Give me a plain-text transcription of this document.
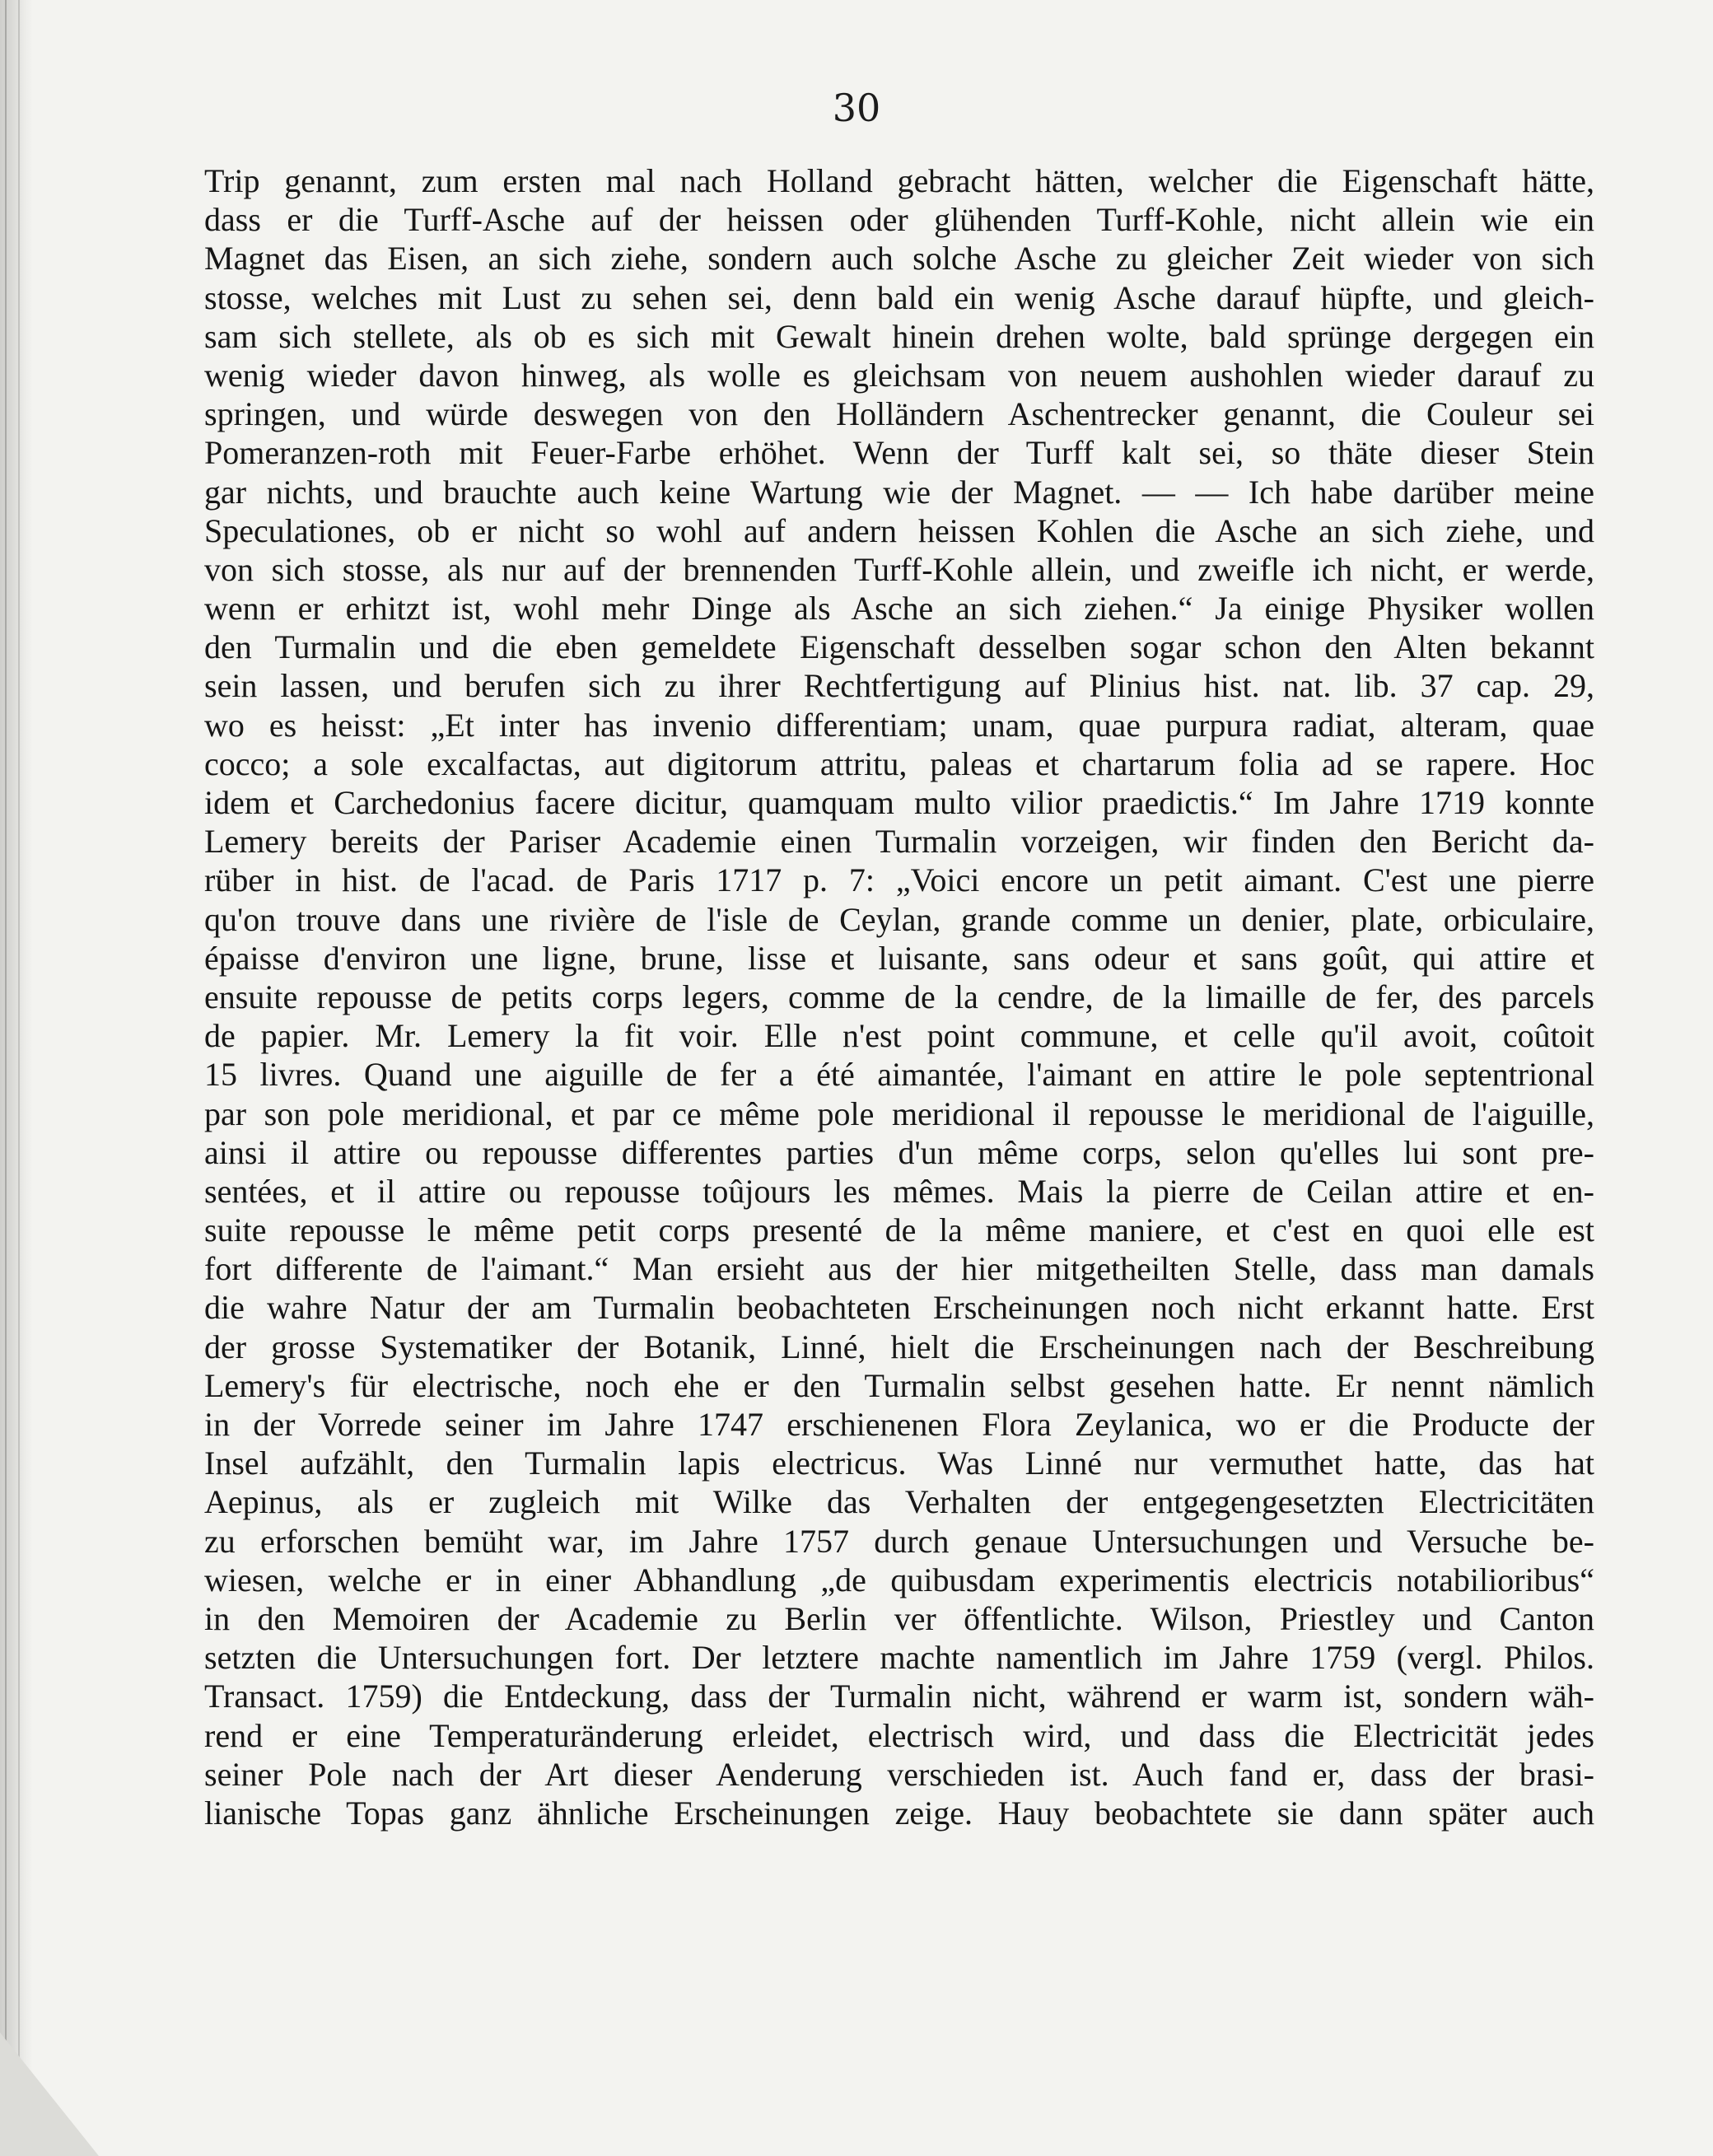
30
Trip genannt, zum ersten mal nach Holland gebracht hätten, welcher die Eigenschaft hätte,
dass er die Turff-Asche auf der heissen oder glühenden Turff-Kohle, nicht allein wie ein
Magnet das Eisen, an sich ziehe, sondern auch solche Asche zu gleicher Zeit wieder von sich
stosse, welches mit Lust zu sehen sei, denn bald ein wenig Asche darauf hüpfte, und gleich-
sam sich stellete, als ob es sich mit Gewalt hinein drehen wolte, bald sprünge dergegen ein
wenig wieder davon hinweg, als wolle es gleichsam von neuem aushohlen wieder darauf zu
springen, und würde deswegen von den Holländern Aschentrecker genannt, die Couleur sei
Pomeranzen-roth mit Feuer-Farbe erhöhet. Wenn der Turff kalt sei, so thäte dieser Stein
gar nichts, und brauchte auch keine Wartung wie der Magnet. — — Ich habe darüber meine
Speculationes, ob er nicht so wohl auf andern heissen Kohlen die Asche an sich ziehe, und
von sich stosse, als nur auf der brennenden Turff-Kohle allein, und zweifle ich nicht, er werde,
wenn er erhitzt ist, wohl mehr Dinge als Asche an sich ziehen.“ Ja einige Physiker wollen
den Turmalin und die eben gemeldete Eigenschaft desselben sogar schon den Alten bekannt
sein lassen, und berufen sich zu ihrer Rechtfertigung auf Plinius hist. nat. lib. 37 cap. 29,
wo es heisst: „Et inter has invenio differentiam; unam, quae purpura radiat, alteram, quae
cocco; a sole excalfactas, aut digitorum attritu, paleas et chartarum folia ad se rapere. Hoc
idem et Carchedonius facere dicitur, quamquam multo vilior praedictis.“ Im Jahre 1719 konnte
Lemery bereits der Pariser Academie einen Turmalin vorzeigen, wir finden den Bericht da-
rüber in hist. de l'acad. de Paris 1717 p. 7: „Voici encore un petit aimant. C'est une pierre
qu'on trouve dans une rivière de l'isle de Ceylan, grande comme un denier, plate, orbiculaire,
épaisse d'environ une ligne, brune, lisse et luisante, sans odeur et sans goût, qui attire et
ensuite repousse de petits corps legers, comme de la cendre, de la limaille de fer, des parcels
de papier. Mr. Lemery la fit voir. Elle n'est point commune, et celle qu'il avoit, coûtoit
15 livres. Quand une aiguille de fer a été aimantée, l'aimant en attire le pole septentrional
par son pole meridional, et par ce même pole meridional il repousse le meridional de l'aiguille,
ainsi il attire ou repousse differentes parties d'un même corps, selon qu'elles lui sont pre-
sentées, et il attire ou repousse toûjours les mêmes. Mais la pierre de Ceilan attire et en-
suite repousse le même petit corps presenté de la même maniere, et c'est en quoi elle est
fort differente de l'aimant.“ Man ersieht aus der hier mitgetheilten Stelle, dass man damals
die wahre Natur der am Turmalin beobachteten Erscheinungen noch nicht erkannt hatte. Erst
der grosse Systematiker der Botanik, Linné, hielt die Erscheinungen nach der Beschreibung
Lemery's für electrische, noch ehe er den Turmalin selbst gesehen hatte. Er nennt nämlich
in der Vorrede seiner im Jahre 1747 erschienenen Flora Zeylanica, wo er die Producte der
Insel aufzählt, den Turmalin lapis electricus. Was Linné nur vermuthet hatte, das hat
Aepinus, als er zugleich mit Wilke das Verhalten der entgegengesetzten Electricitäten
zu erforschen bemüht war, im Jahre 1757 durch genaue Untersuchungen und Versuche be-
wiesen, welche er in einer Abhandlung „de quibusdam experimentis electricis notabilioribus“
in den Memoiren der Academie zu Berlin ver öffentlichte. Wilson, Priestley und Canton
setzten die Untersuchungen fort. Der letztere machte namentlich im Jahre 1759 (vergl. Philos.
Transact. 1759) die Entdeckung, dass der Turmalin nicht, während er warm ist, sondern wäh-
rend er eine Temperaturänderung erleidet, electrisch wird, und dass die Electricität jedes
seiner Pole nach der Art dieser Aenderung verschieden ist. Auch fand er, dass der brasi-
lianische Topas ganz ähnliche Erscheinungen zeige. Hauy beobachtete sie dann später auch
